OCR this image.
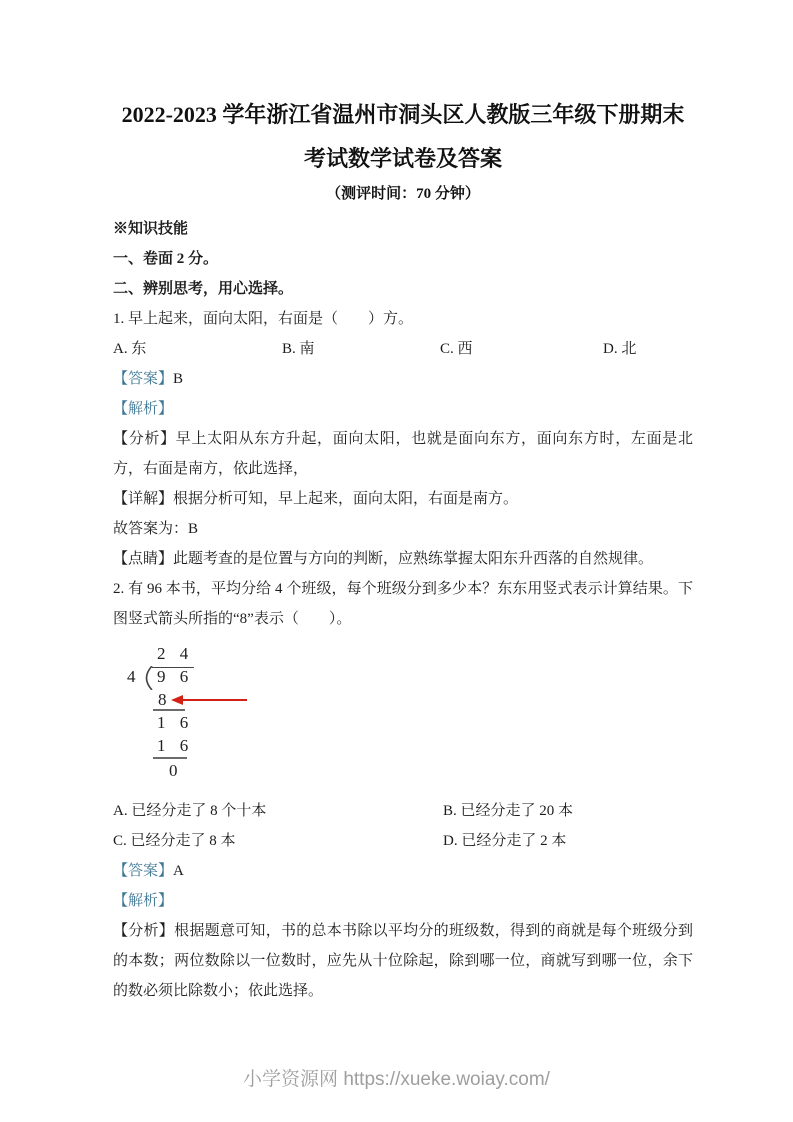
2022-2023 学年浙江省温州市洞头区人教版三年级下册期末
考试数学试卷及答案
（测评时间：70 分钟）
※知识技能
一、卷面 2 分。
二、辨别思考，用心选择。
1. 早上起来，面向太阳，右面是（　　）方。
A. 东	B. 南	C. 西	D. 北
【答案】B
【解析】
【分析】早上太阳从东方升起，面向太阳，也就是面向东方，面向东方时，左面是北方，右面是南方，依此选择，
【详解】根据分析可知，早上起来，面向太阳，右面是南方。
故答案为：B
【点睛】此题考查的是位置与方向的判断，应熟练掌握太阳东升西落的自然规律。
2. 有 96 本书，平均分给 4 个班级，每个班级分到多少本？东东用竖式表示计算结果。下图竖式箭头所指的“8”表示（　　）。
2 4
4 9 6
8
1 6
1 6
0
A. 已经分走了 8 个十本	B. 已经分走了 20 本
C. 已经分走了 8 本	D. 已经分走了 2 本
【答案】A
【解析】
【分析】根据题意可知，书的总本书除以平均分的班级数，得到的商就是每个班级分到的本数；两位数除以一位数时，应先从十位除起，除到哪一位，商就写到哪一位，余下的数必须比除数小；依此选择。
小学资源网 https://xueke.woiay.com/
